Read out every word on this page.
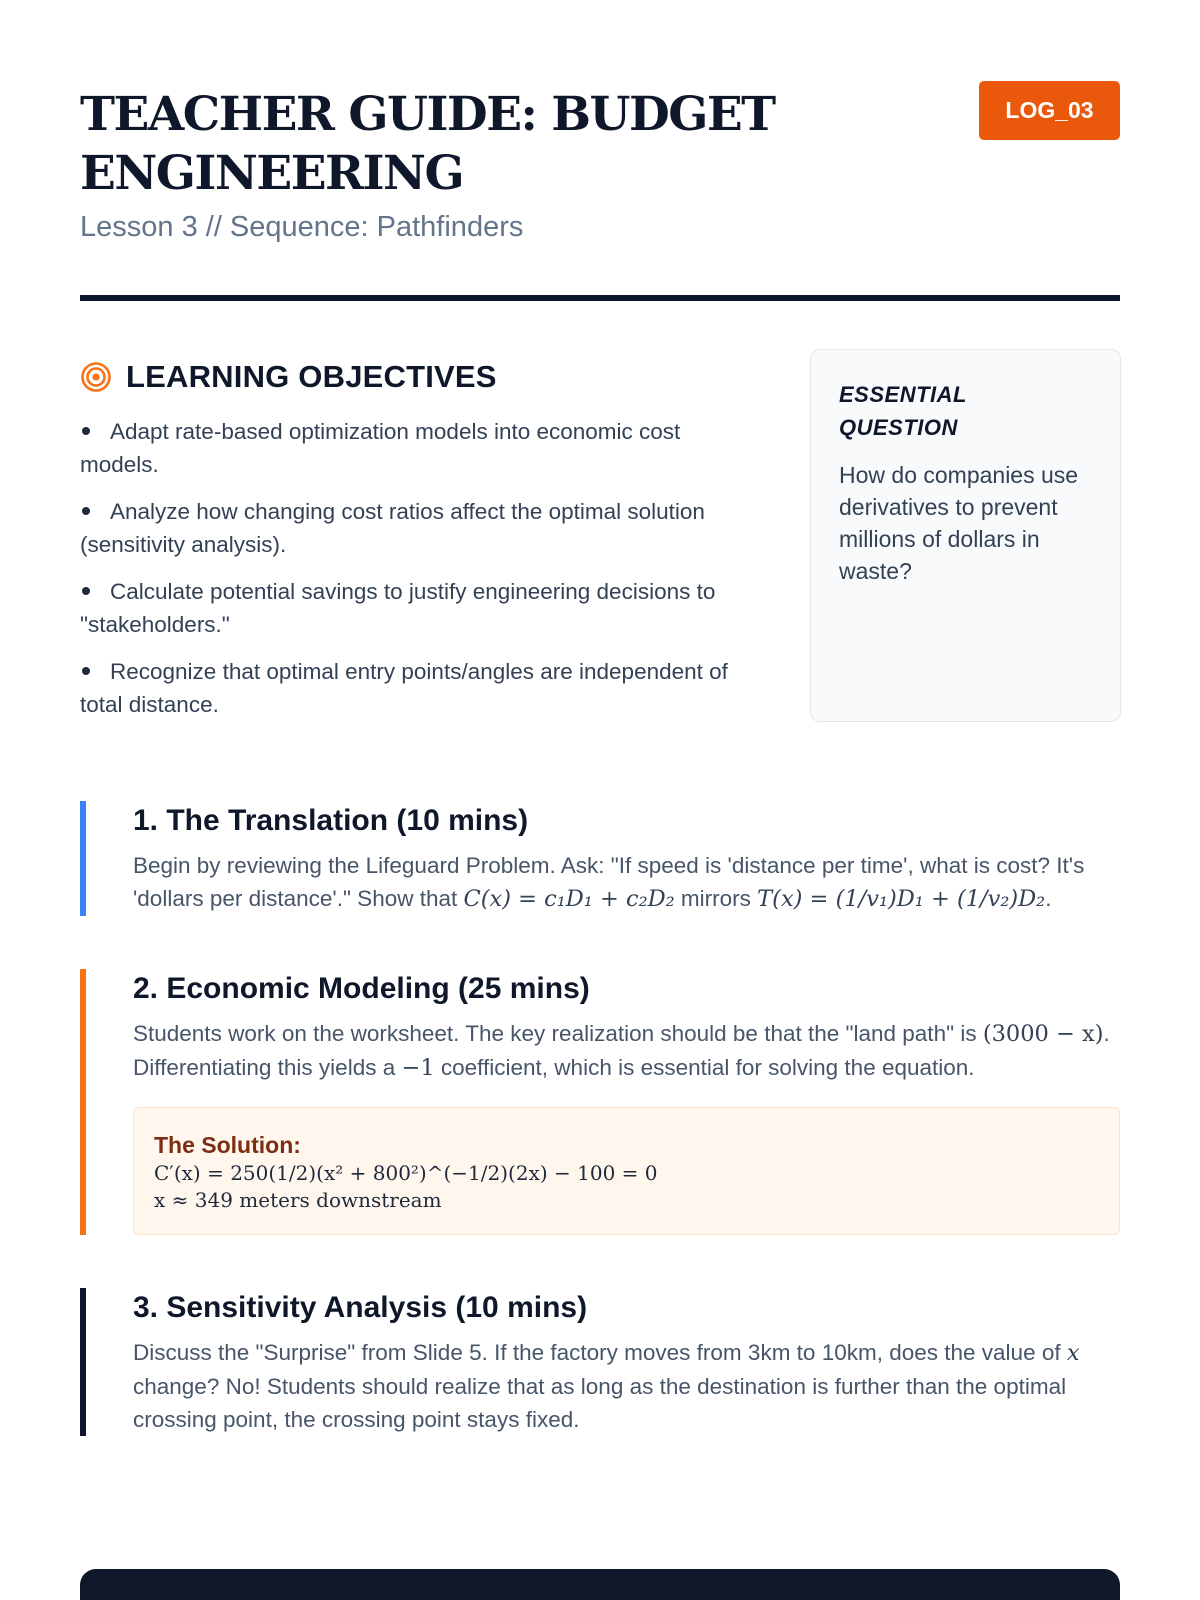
TEACHER GUIDE: BUDGET ENGINEERING
Lesson 3 // Sequence: Pathfinders
LOG_03
LEARNING OBJECTIVES
Adapt rate-based optimization models into economic cost models.
Analyze how changing cost ratios affect the optimal solution (sensitivity analysis).
Calculate potential savings to justify engineering decisions to "stakeholders."
Recognize that optimal entry points/angles are independent of total distance.
ESSENTIAL QUESTION
How do companies use derivatives to prevent millions of dollars in waste?
1. The Translation (10 mins)

Begin by reviewing the Lifeguard Problem. Ask: "If speed is 'distance per time', what is cost? It's 'dollars per distance'." Show that C(x) = c₁D₁ + c₂D₂ mirrors T(x) = (1/v₁)D₁ + (1/v₂)D₂.

2. Economic Modeling (25 mins)

Students work on the worksheet. The key realization should be that the "land path" is (3000 − x). Differentiating this yields a −1 coefficient, which is essential for solving the equation.

The Solution:
C′(x) = 250(1/2)(x² + 800²)^(−1/2)(2x) − 100 = 0
x ≈ 349 meters downstream
3. Sensitivity Analysis (10 mins)

Discuss the "Surprise" from Slide 5. If the factory moves from 3km to 10km, does the value of x change? No! Students should realize that as long as the destination is further than the optimal crossing point, the crossing point stays fixed.
